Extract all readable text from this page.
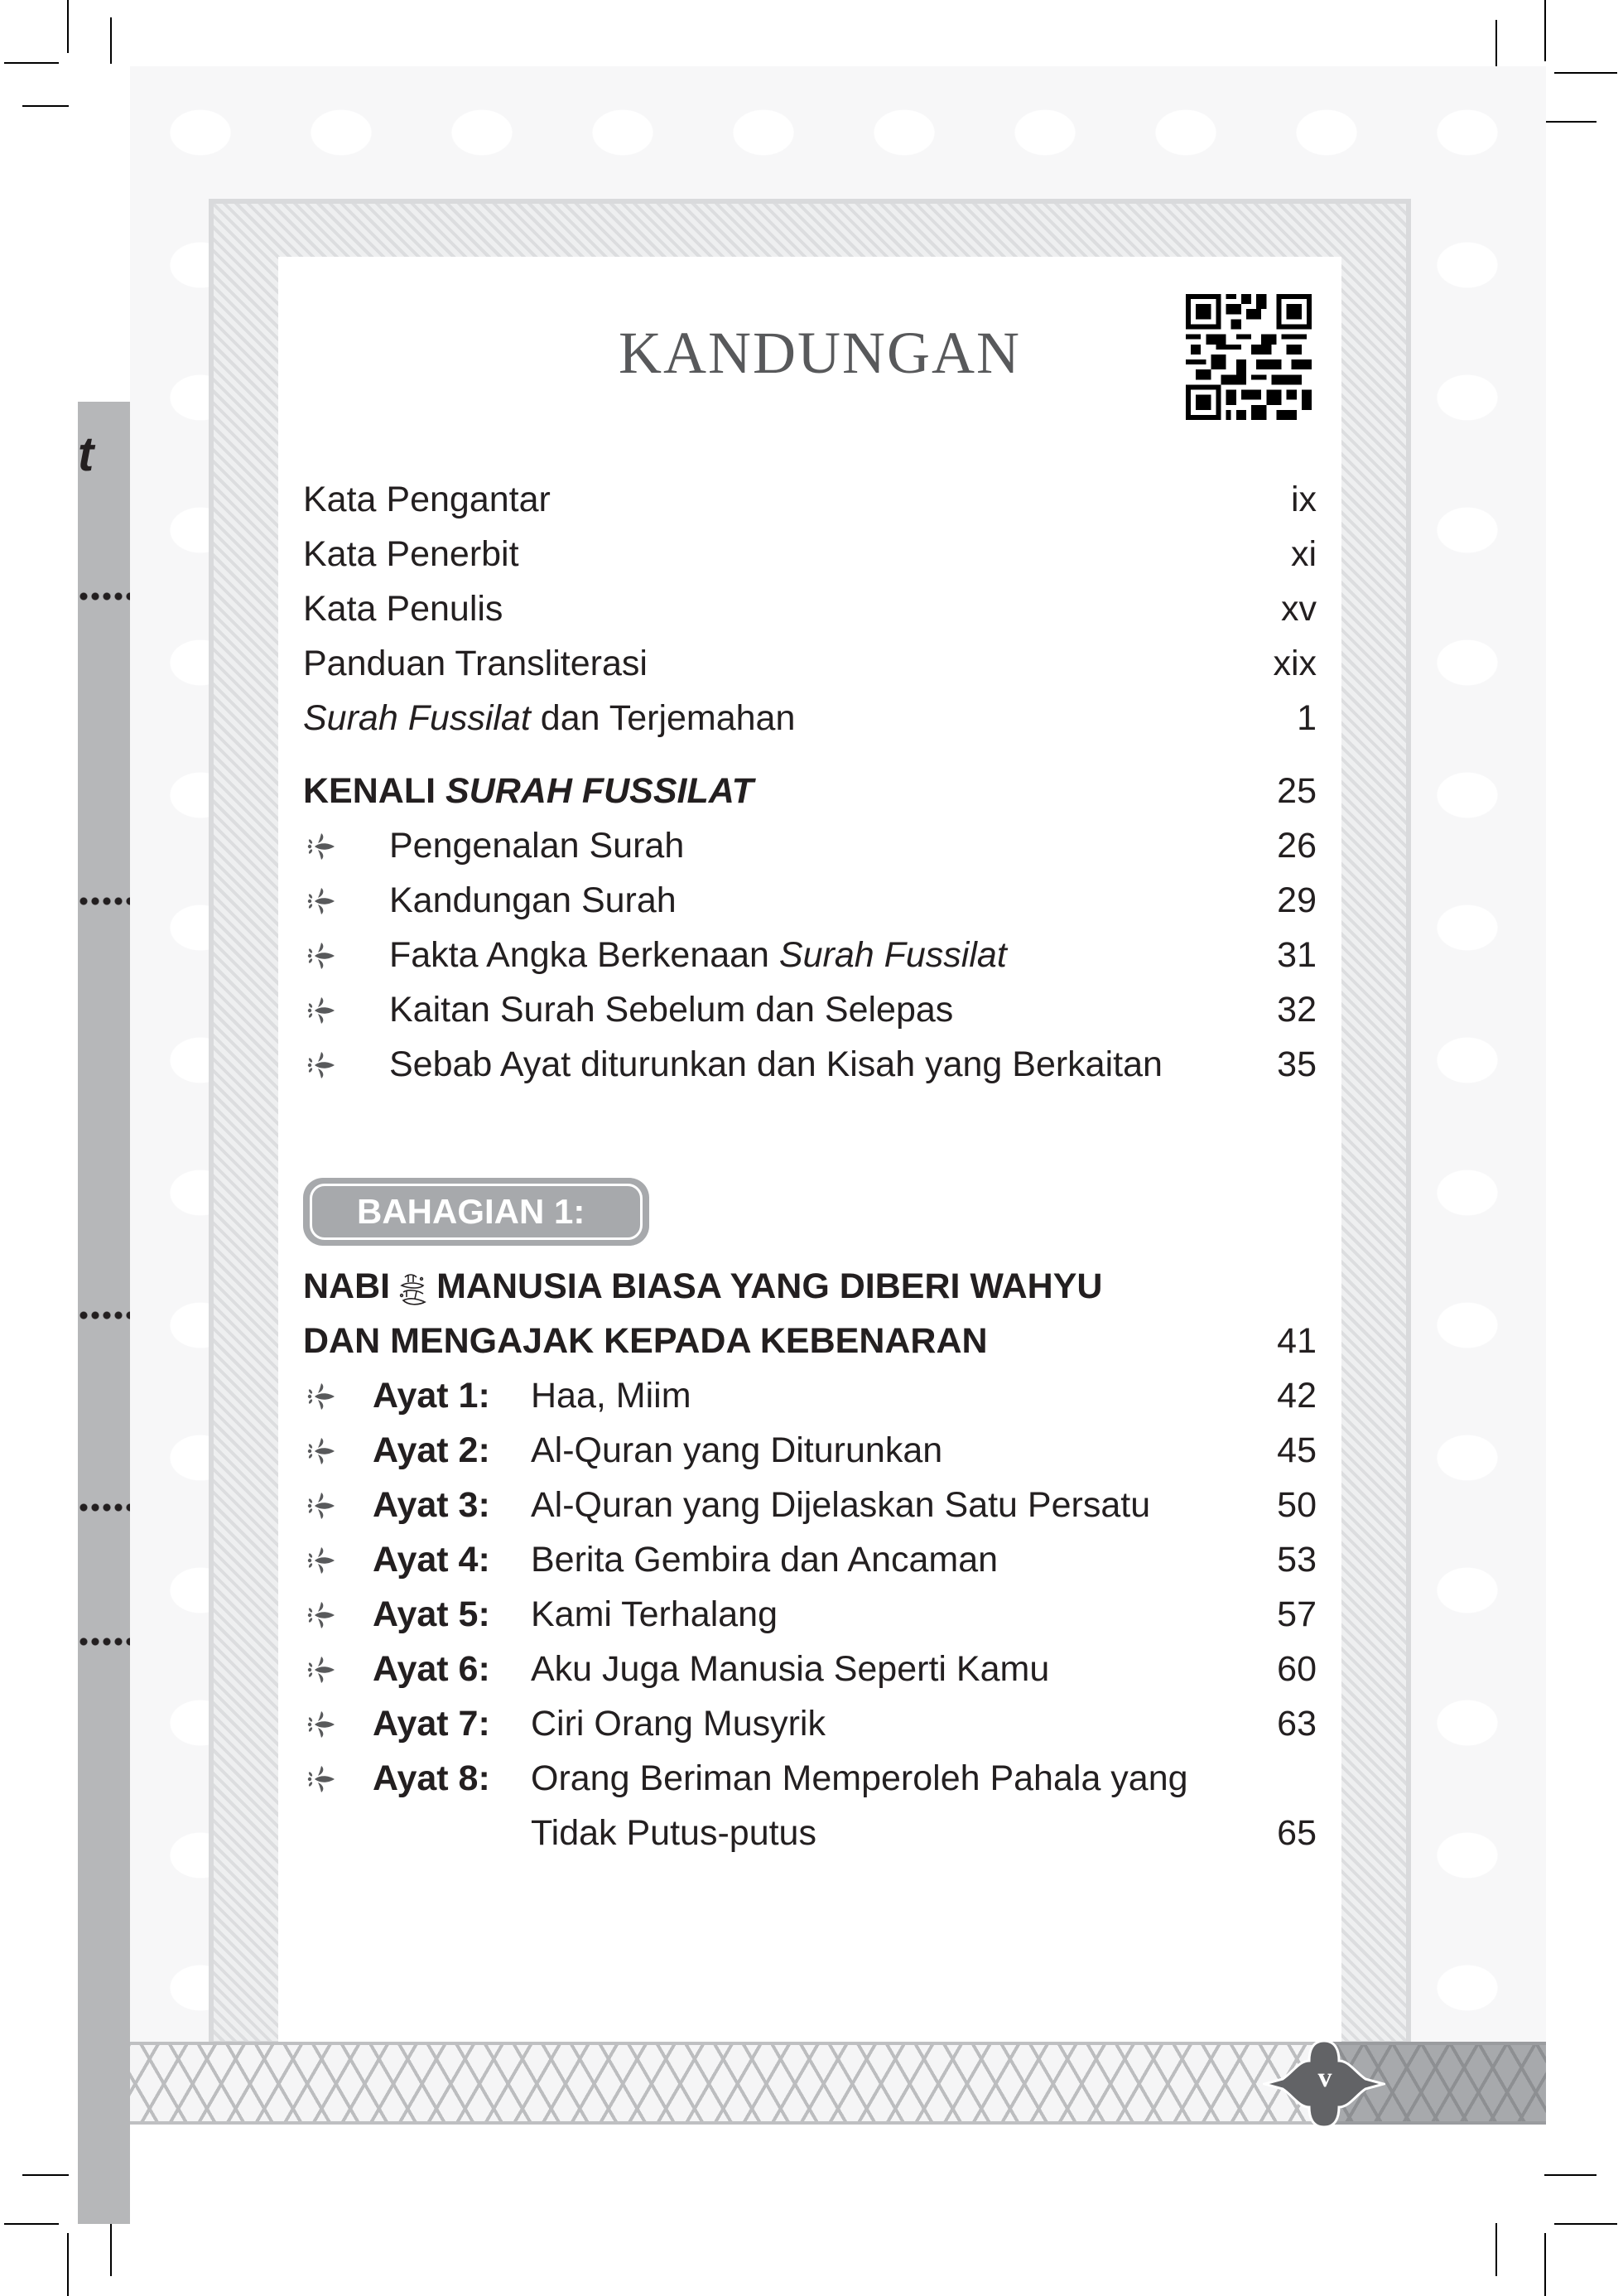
t
KANDUNGAN
Kata Pengantar	ix
Kata Penerbit	xi
Kata Penulis	xv
Panduan Transliterasi	xix
Surah Fussilat dan Terjemahan	1
KENALI SURAH FUSSILAT	25
Pengenalan Surah	26
Kandungan Surah	29
Fakta Angka Berkenaan Surah Fussilat	31
Kaitan Surah Sebelum dan Selepas	32
Sebab Ayat diturunkan dan Kisah yang Berkaitan	35
NABI MANUSIA BIASA YANG DIBERI WAHYU
DAN MENGAJAK KEPADA KEBENARAN	41
Ayat 1: Haa, Miim	42
Ayat 2: Al-Quran yang Diturunkan	45
Ayat 3: Al-Quran yang Dijelaskan Satu Persatu	50
Ayat 4: Berita Gembira dan Ancaman	53
Ayat 5: Kami Terhalang	57
Ayat 6: Aku Juga Manusia Seperti Kamu	60
Ayat 7: Ciri Orang Musyrik	63
Ayat 8: Orang Beriman Memperoleh Pahala yang
Tidak Putus-putus	65
BAHAGIAN 1:
v
